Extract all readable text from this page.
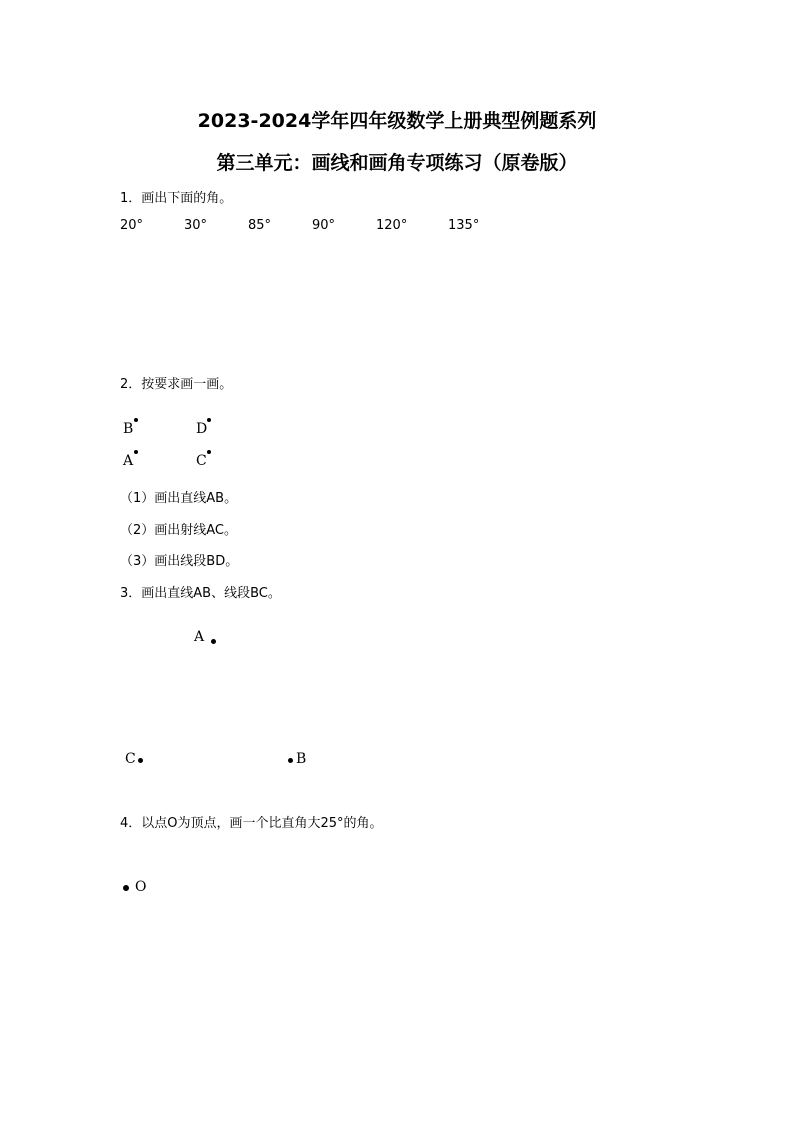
2023-2024学年四年级数学上册典型例题系列
第三单元：画线和画角专项练习（原卷版）
1．画出下面的角。
20°	30°	85°	90°	120°	135°
2．按要求画一画。
B	D
A	C
（1）画出直线AB。
（2）画出射线AC。
（3）画出线段BD。
3．画出直线AB、线段BC。
A
C	B
4．以点O为顶点，画一个比直角大25°的角。
O
